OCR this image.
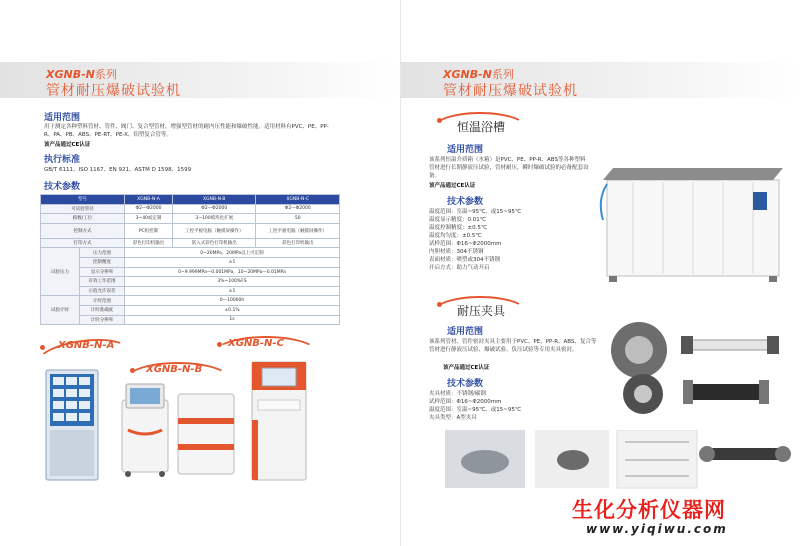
XGNB-N系列
管材耐压爆破试验机
适用范围
用于测定各种塑料管材、管件、阀门、复合型管材，增强型管材的耐内压性能和爆破性能，适用材料有PVC、PE、PP-R、PA、PB、ABS、PE-RT、PE-X、铝塑复合管等。
该产品通过CE认证
执行标准
GB/T 6111、ISO 1167、EN 921、ASTM D 1598、1599
技术参数
型号		XGNB-N-A	XGNB-N-B	XGNB-N-C
可试验管径		Φ2—Φ2000	Φ2—Φ2000	Φ2—Φ2000
路数/工位		3~40或定制	3~100模块化扩展	50
控制方式		PC机控制	工控平板电脑（触摸屏操作）	工控平板电脑（触摸屏操作）
打印方式		彩色打印机输出	嵌入式彩色打印机输出	彩色打印机输出
试验压力	压力范围	0~20MPa、20MPa以上可定制		
	控制精度	±1		
	显示分辨率	0~9.999MPa—0.001MPa，10~20MPa—0.01MPa		
	有效工作范围	3%~100%FS		
	示值允许误差	±1		
试验计时	计时范围	0—10000h		
	计时准确度	±0.1%		
	计时分辨率	1s		
XGNB-N-A
XGNB-N-B
XGNB-N-C
XGNB-N系列
管材耐压爆破试验机
恒温浴槽
适用范围
该系列恒温介质箱（水箱）是PVC、PE、PP-R、ABS等各种塑料管材进行长期静液压试验，管材耐压，瞬时爆破试验的必备配套设备。
该产品通过CE认证
技术参数
温度范围：室温~95℃、或15~95℃
温度显示精度：0.01℃
温度控制精度：±0.5℃
温度均匀度：±0.5℃
试样范围：Φ16~Φ2000mm
内胆材质：304不锈钢
表面材质：喷塑或304不锈钢
开启方式：助力气动开启
耐压夹具
适用范围
该系列管材、管件密封夹具主要用于PVC、PE、PP-R、ABS、复合等管材进行静液压试验、爆破试验、负压试验等专用夹具密封。
该产品通过CE认证
技术参数
夹具材质：不锈钢/碳钢
试样范围：Φ16~Φ2000mm
温度范围：室温~95℃、或15~95℃
夹具类型：A型夹具
生化分析仪器网
www.yiqiwu.com
